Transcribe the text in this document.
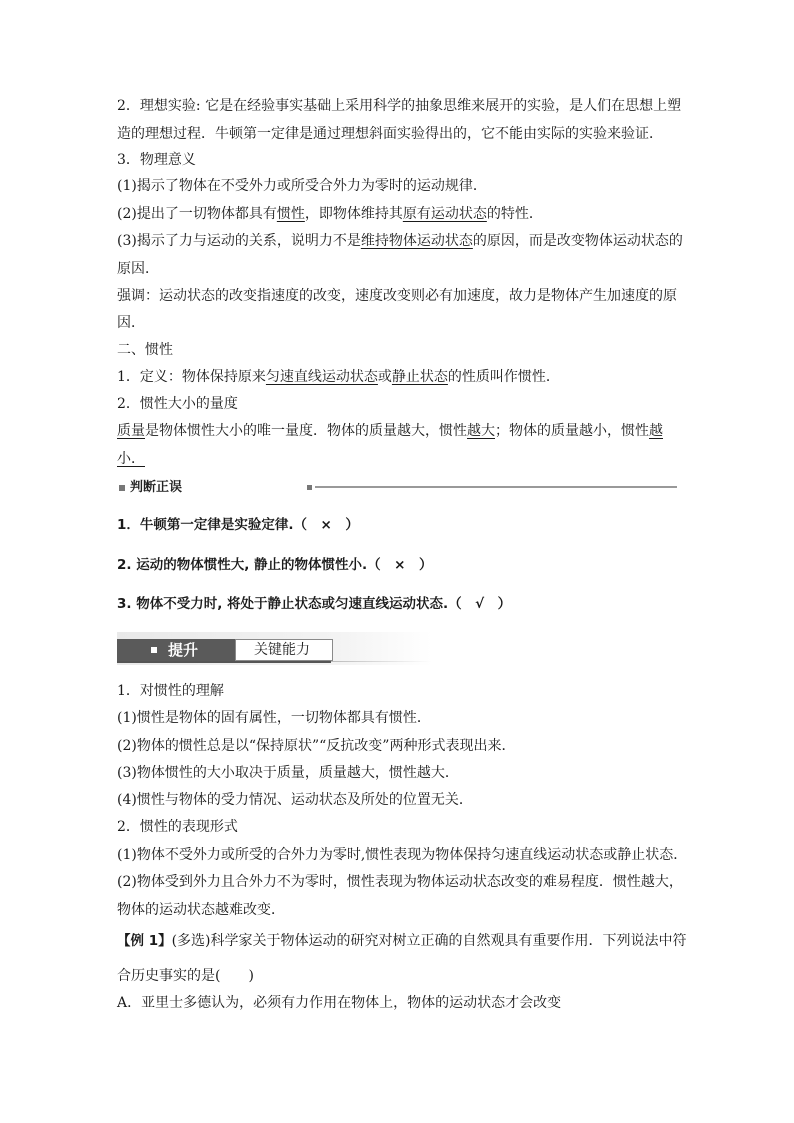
2．理想实验: 它是在经验事实基础上采用科学的抽象思维来展开的实验，是人们在思想上塑
造的理想过程．牛顿第一定律是通过理想斜面实验得出的，它不能由实际的实验来验证．
3．物理意义
(1)揭示了物体在不受外力或所受合外力为零时的运动规律．
(2)提出了一切物体都具有惯性，即物体维持其原有运动状态的特性．
(3)揭示了力与运动的关系，说明力不是维持物体运动状态的原因，而是改变物体运动状态的
原因．
强调：运动状态的改变指速度的改变，速度改变则必有加速度，故力是物体产生加速度的原
因．
二、惯性
1．定义：物体保持原来匀速直线运动状态或静止状态的性质叫作惯性．
2．惯性大小的量度
质量是物体惯性大小的唯一量度．物体的质量越大，惯性越大；物体的质量越小，惯性越
小．
判断正误
1．牛顿第一定律是实验定律.（　×　）
2. 运动的物体惯性大, 静止的物体惯性小.（　×　）
3. 物体不受力时, 将处于静止状态或匀速直线运动状态.（　√　）
提升	关键能力
1．对惯性的理解
(1)惯性是物体的固有属性，一切物体都具有惯性．
(2)物体的惯性总是以“保持原状”“反抗改变”两种形式表现出来．
(3)物体惯性的大小取决于质量，质量越大，惯性越大．
(4)惯性与物体的受力情况、运动状态及所处的位置无关．
2．惯性的表现形式
(1)物体不受外力或所受的合外力为零时,惯性表现为物体保持匀速直线运动状态或静止状态．
(2)物体受到外力且合外力不为零时，惯性表现为物体运动状态改变的难易程度．惯性越大，
物体的运动状态越难改变．
【例 1】(多选)科学家关于物体运动的研究对树立正确的自然观具有重要作用．下列说法中符
合历史事实的是(　　)
A．亚里士多德认为，必须有力作用在物体上，物体的运动状态才会改变
